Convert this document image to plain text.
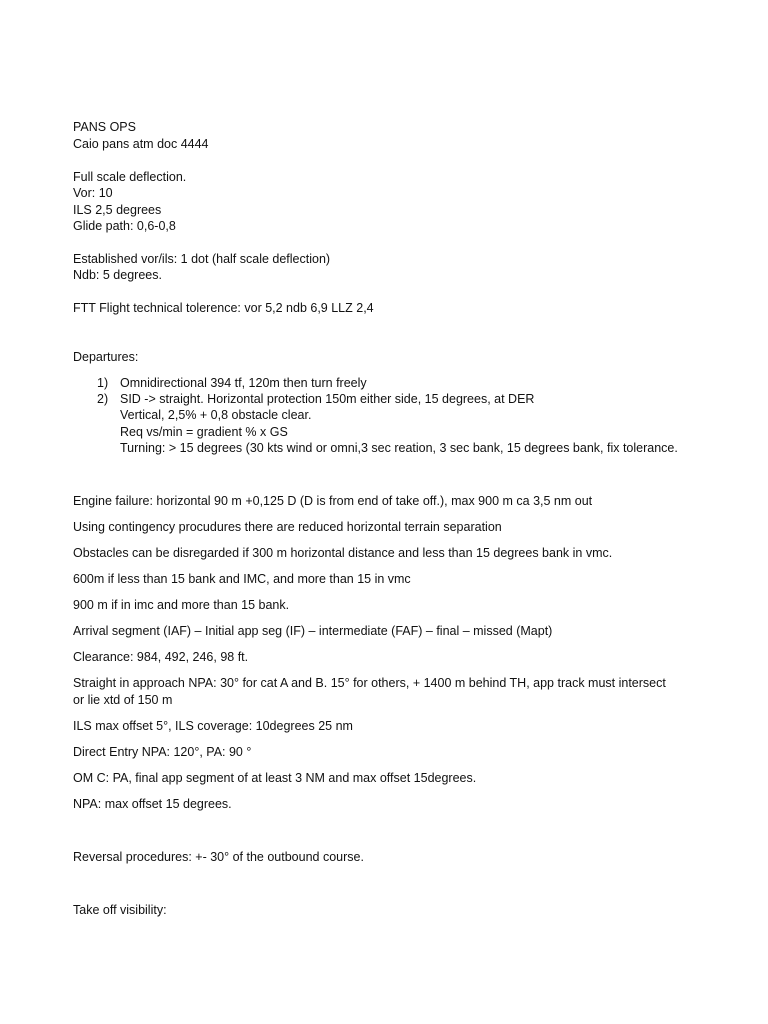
PANS OPS
Caio pans atm doc 4444
Full scale deflection.
Vor: 10
ILS 2,5 degrees
Glide path: 0,6-0,8
Established vor/ils: 1 dot (half scale deflection)
Ndb: 5 degrees.
FTT Flight technical tolerence: vor 5,2 ndb 6,9 LLZ 2,4
Departures:
1) Omnidirectional 394 tf, 120m then turn freely
2) SID -> straight. Horizontal protection 150m either side, 15 degrees, at DER
Vertical, 2,5% + 0,8 obstacle clear.
Req vs/min = gradient % x GS
Turning: > 15 degrees (30 kts wind or omni,3 sec reation, 3 sec bank, 15 degrees bank, fix tolerance.
Engine failure: horizontal 90 m +0,125 D (D is from end of take off.), max 900 m ca 3,5 nm out
Using contingency procudures there are reduced horizontal terrain separation
Obstacles can be disregarded if 300 m horizontal distance and less than 15 degrees bank in vmc.
600m if less than 15 bank and IMC, and more than 15 in vmc
900 m if in imc and more than 15 bank.
Arrival segment (IAF) – Initial app seg (IF) – intermediate (FAF) – final – missed (Mapt)
Clearance: 984, 492, 246, 98 ft.
Straight in approach NPA: 30° for cat A and B. 15° for others, + 1400 m behind TH, app track must intersect
or lie xtd of 150 m
ILS max offset 5°, ILS coverage: 10degrees 25 nm
Direct Entry NPA: 120°, PA: 90 °
OM C: PA, final app segment of at least 3 NM and max offset 15degrees.
NPA: max offset 15 degrees.
Reversal procedures: +- 30° of the outbound course.
Take off visibility:
